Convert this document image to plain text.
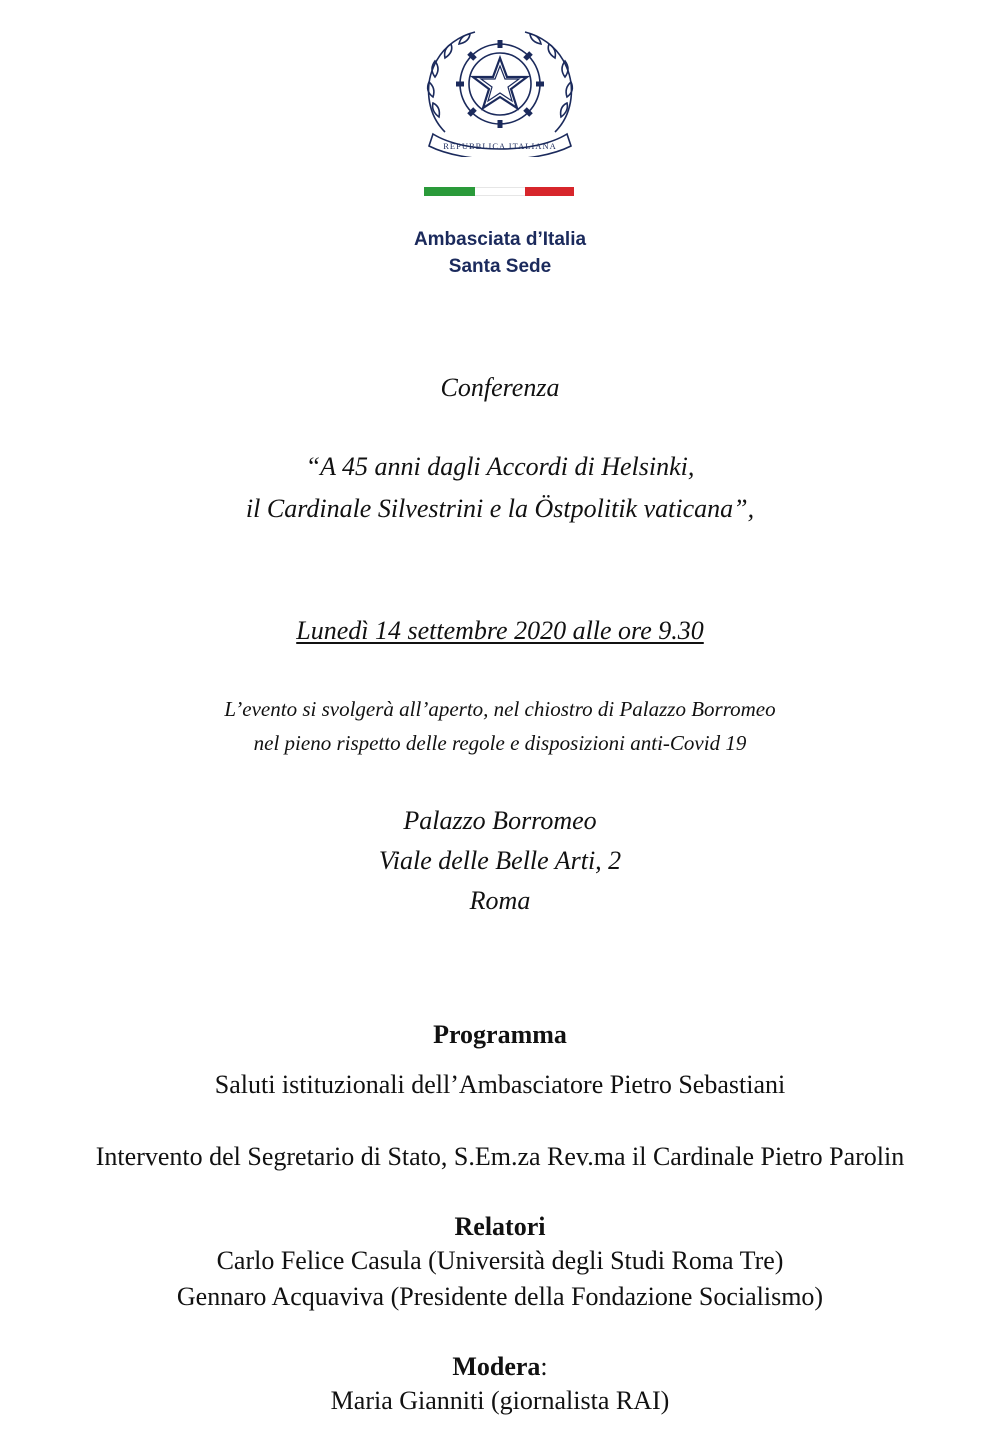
REPUBBLICA ITALIANA
Ambasciata d’Italia
Santa Sede
Conferenza
“A 45 anni dagli Accordi di Helsinki,
il Cardinale Silvestrini e la Östpolitik vaticana”,
Lunedì 14 settembre 2020 alle ore 9.30
L’evento si svolgerà all’aperto, nel chiostro di Palazzo Borromeo
nel pieno rispetto delle regole e disposizioni anti-Covid 19
Palazzo Borromeo
Viale delle Belle Arti, 2
Roma
Programma
Saluti istituzionali dell’Ambasciatore Pietro Sebastiani
Intervento del Segretario di Stato, S.Em.za Rev.ma il Cardinale Pietro Parolin
Relatori
Carlo Felice Casula (Università degli Studi Roma Tre)
Gennaro Acquaviva (Presidente della Fondazione Socialismo)
Modera:
Maria Gianniti (giornalista RAI)
